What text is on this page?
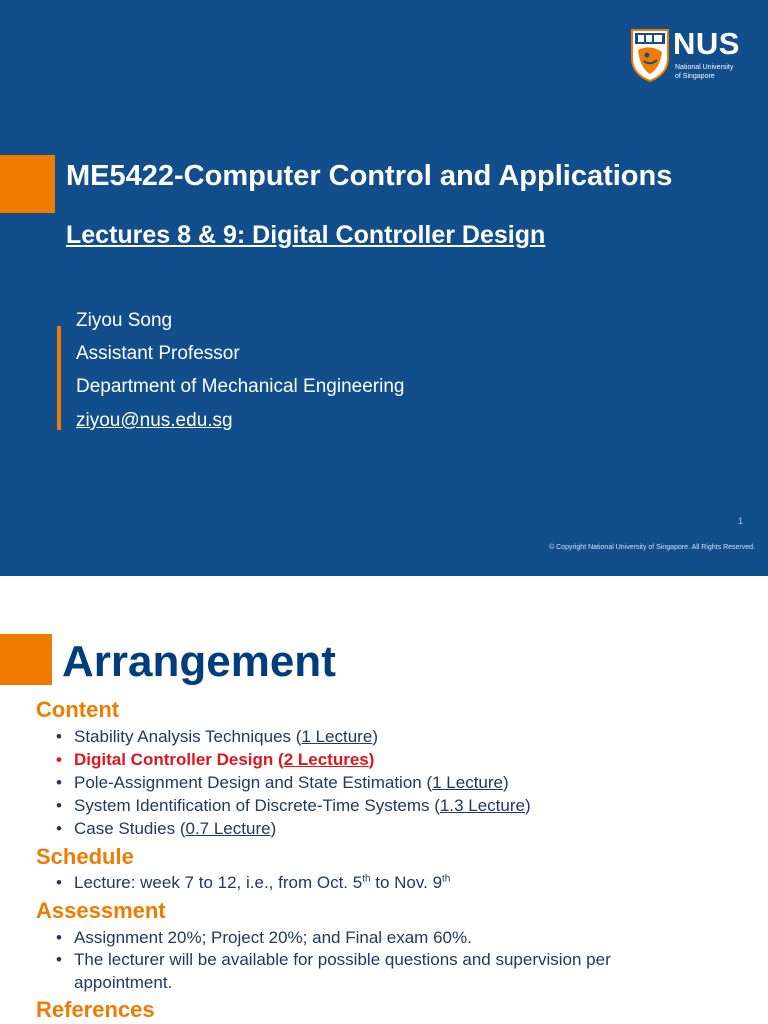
NUS
National University
of Singapore
ME5422-Computer Control and Applications
Lectures 8 & 9: Digital Controller Design
Ziyou Song
Assistant Professor
Department of Mechanical Engineering
ziyou@nus.edu.sg
1
© Copyright National University of Singapore. All Rights Reserved.
Arrangement
Content
• Stability Analysis Techniques (1 Lecture)
• Digital Controller Design (2 Lectures)
• Pole-Assignment Design and State Estimation (1 Lecture)
• System Identification of Discrete-Time Systems (1.3 Lecture)
• Case Studies (0.7 Lecture)
Schedule
• Lecture: week 7 to 12, i.e., from Oct. 5th to Nov. 9th
Assessment
• Assignment 20%; Project 20%; and Final exam 60%.
• The lecturer will be available for possible questions and supervision per
appointment.
References
